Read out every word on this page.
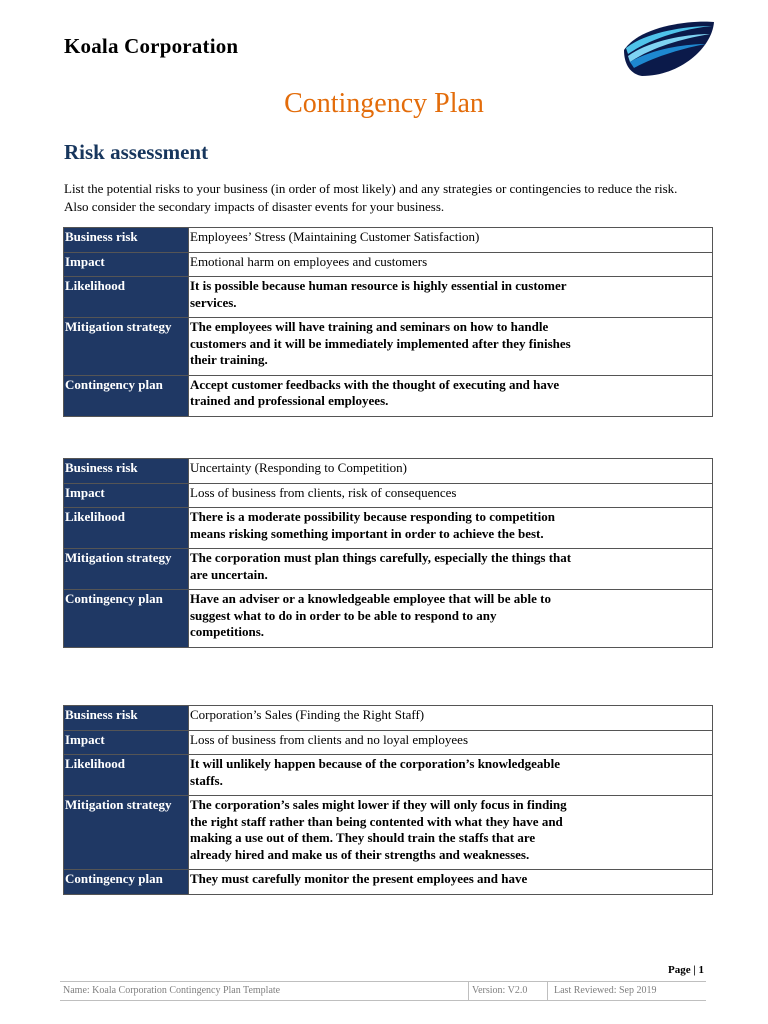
Koala Corporation
Contingency Plan
Risk assessment
List the potential risks to your business (in order of most likely) and any strategies or contingencies to reduce the risk. Also consider the secondary impacts of disaster events for your business.
Business risk	Employees’ Stress (Maintaining Customer Satisfaction)
Impact	Emotional harm on employees and customers
Likelihood	It is possible because human resource is highly essential in customer services.
Mitigation strategy	The employees will have training and seminars on how to handle customers and it will be immediately implemented after they finishes their training.
Contingency plan	Accept customer feedbacks with the thought of executing and have trained and professional employees.
Business risk	Uncertainty (Responding to Competition)
Impact	Loss of business from clients, risk of consequences
Likelihood	There is a moderate possibility because responding to competition means risking something important in order to achieve the best.
Mitigation strategy	The corporation must plan things carefully, especially the things that are uncertain.
Contingency plan	Have an adviser or a knowledgeable employee that will be able to suggest what to do in order to be able to respond to any competitions.
Business risk	Corporation’s Sales (Finding the Right Staff)
Impact	Loss of business from clients and no loyal employees
Likelihood	It will unlikely happen because of the corporation’s knowledgeable staffs.
Mitigation strategy	The corporation’s sales might lower if they will only focus in finding the right staff rather than being contented with what they have and making a use out of them. They should train the staffs that are already hired and make us of their strengths and weaknesses.
Contingency plan	They must carefully monitor the present employees and have
Page | 1
Name: Koala Corporation Contingency Plan Template	Version: V2.0	Last Reviewed: Sep 2019
